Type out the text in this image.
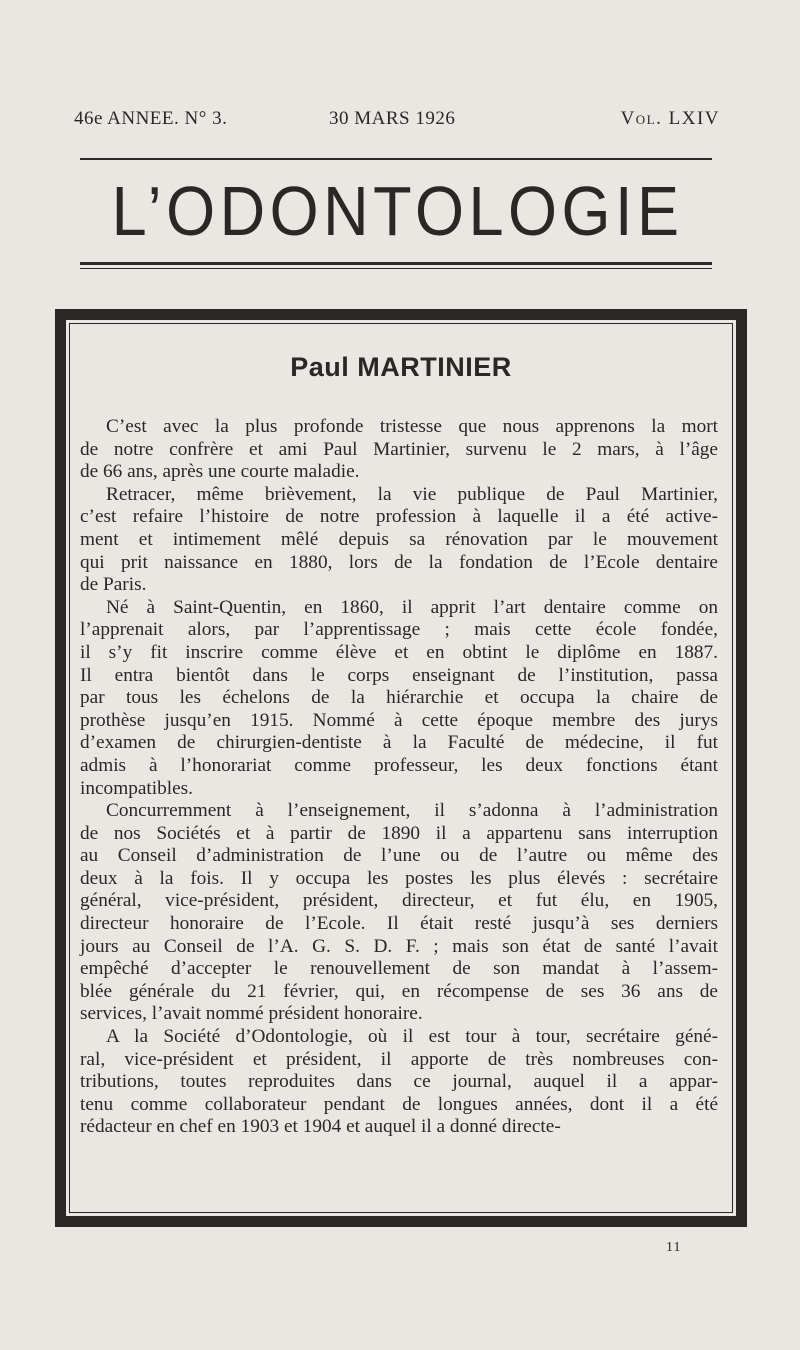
46e ANNEE. N° 3.	30 MARS 1926	Vol. LXIV
L’ODONTOLOGIE
Paul MARTINIER

C’est avec la plus profonde tristesse que nous apprenons la mort
de notre confrère et ami Paul Martinier, survenu le 2 mars, à l’âge
de 66 ans, après une courte maladie.

Retracer, même brièvement, la vie publique de Paul Martinier,
c’est refaire l’histoire de notre profession à laquelle il a été active-
ment et intimement mêlé depuis sa rénovation par le mouvement
qui prit naissance en 1880, lors de la fondation de l’Ecole dentaire
de Paris.

Né à Saint-Quentin, en 1860, il apprit l’art dentaire comme on
l’apprenait alors, par l’apprentissage ; mais cette école fondée,
il s’y fit inscrire comme élève et en obtint le diplôme en 1887.
Il entra bientôt dans le corps enseignant de l’institution, passa
par tous les échelons de la hiérarchie et occupa la chaire de
prothèse jusqu’en 1915. Nommé à cette époque membre des jurys
d’examen de chirurgien-dentiste à la Faculté de médecine, il fut
admis à l’honorariat comme professeur, les deux fonctions étant
incompatibles.

Concurremment à l’enseignement, il s’adonna à l’administration
de nos Sociétés et à partir de 1890 il a appartenu sans interruption
au Conseil d’administration de l’une ou de l’autre ou même des
deux à la fois. Il y occupa les postes les plus élevés : secrétaire
général, vice-président, président, directeur, et fut élu, en 1905,
directeur honoraire de l’Ecole. Il était resté jusqu’à ses derniers
jours au Conseil de l’A. G. S. D. F. ; mais son état de santé l’avait
empêché d’accepter le renouvellement de son mandat à l’assem-
blée générale du 21 février, qui, en récompense de ses 36 ans de
services, l’avait nommé président honoraire.

A la Société d’Odontologie, où il est tour à tour, secrétaire géné-
ral, vice-président et président, il apporte de très nombreuses con-
tributions, toutes reproduites dans ce journal, auquel il a appar-
tenu comme collaborateur pendant de longues années, dont il a été
rédacteur en chef en 1903 et 1904 et auquel il a donné directe-

11
